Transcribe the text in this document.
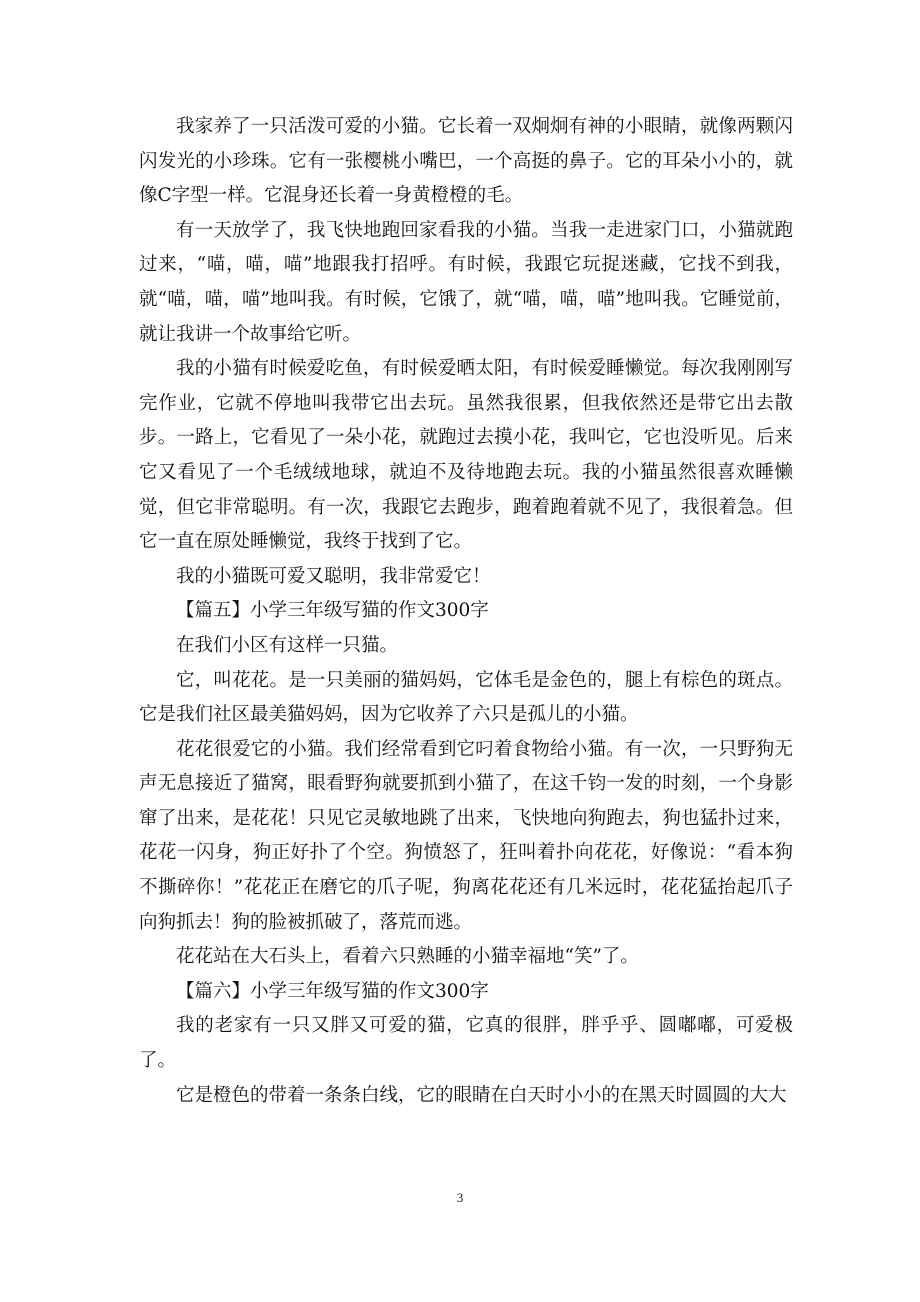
我家养了一只活泼可爱的小猫。它长着一双炯炯有神的小眼睛，就像两颗闪闪发光的小珍珠。它有一张樱桃小嘴巴，一个高挺的鼻子。它的耳朵小小的，就像C字型一样。它混身还长着一身黄橙橙的毛。

有一天放学了，我飞快地跑回家看我的小猫。当我一走进家门口，小猫就跑过来，“喵，喵，喵”地跟我打招呼。有时候，我跟它玩捉迷藏，它找不到我，就“喵，喵，喵”地叫我。有时候，它饿了，就“喵，喵，喵”地叫我。它睡觉前，就让我讲一个故事给它听。

我的小猫有时候爱吃鱼，有时候爱晒太阳，有时候爱睡懒觉。每次我刚刚写完作业，它就不停地叫我带它出去玩。虽然我很累，但我依然还是带它出去散步。一路上，它看见了一朵小花，就跑过去摸小花，我叫它，它也没听见。后来它又看见了一个毛绒绒地球，就迫不及待地跑去玩。我的小猫虽然很喜欢睡懒觉，但它非常聪明。有一次，我跟它去跑步，跑着跑着就不见了，我很着急。但它一直在原处睡懒觉，我终于找到了它。

我的小猫既可爱又聪明，我非常爱它！

【篇五】小学三年级写猫的作文300字

在我们小区有这样一只猫。

它，叫花花。是一只美丽的猫妈妈，它体毛是金色的，腿上有棕色的斑点。它是我们社区最美猫妈妈，因为它收养了六只是孤儿的小猫。

花花很爱它的小猫。我们经常看到它叼着食物给小猫。有一次，一只野狗无声无息接近了猫窝，眼看野狗就要抓到小猫了，在这千钧一发的时刻，一个身影窜了出来，是花花！只见它灵敏地跳了出来，飞快地向狗跑去，狗也猛扑过来，花花一闪身，狗正好扑了个空。狗愤怒了，狂叫着扑向花花，好像说：“看本狗不撕碎你！”花花正在磨它的爪子呢，狗离花花还有几米远时，花花猛抬起爪子向狗抓去！狗的脸被抓破了，落荒而逃。

花花站在大石头上，看着六只熟睡的小猫幸福地“笑”了。

【篇六】小学三年级写猫的作文300字

我的老家有一只又胖又可爱的猫，它真的很胖，胖乎乎、圆嘟嘟，可爱极了。

它是橙色的带着一条条白线，它的眼睛在白天时小小的在黑天时圆圆的大大

3
